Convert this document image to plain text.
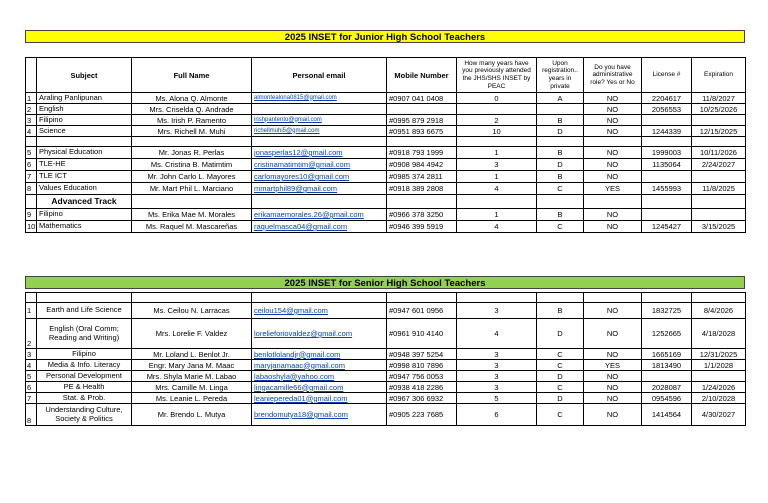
2025 INSET for Junior High School Teachers
	Subject	Full Name	Personal email	Mobile Number	How many years have you previously attended the JHS/SHS INSET by PEAC	Upon registration.. years in private	Do you have administrative role? Yes or No	License #	Expiration
1	Araling Panlipunan	Ms. Alona Q. Almonte	almontealona0815@gmail.com	#0907 041 0408	0	A	NO	2204617	11/8/2027
2	English	Mrs. Criselda Q. Andrade					NO	2056553	10/25/2026
3	Filipino	Ms. Irish P. Ramento	irishpantento@gmail.com	#0995 879 2918	2	B	NO		
4	Science	Mrs. Richell M. Muhi	richellmuhi5@gmail.com	#0951 893 6675	10	D	NO	1244339	12/15/2025

5	Physical Education	Mr. Jonas R. Perlas	jonasperlas12@gmail.com	#0918 793 1999	1	B	NO	1999003	10/11/2026
6	TLE-HE	Ms. Cristina B. Matimtim	cristinamatimtim@gmail.com	#0908 984 4942	3	D	NO	1135064	2/24/2027
7	TLE ICT	Mr. John Carlo L. Mayores	carlomayores10@gmail.com	#0985 374 2811	1	B	NO		
8	Values Education	Mr. Mart Phil L. Marciano	mmartphil89@gmail.com	#0918 389 2808	4	C	YES	1455993	11/8/2025
	Advanced Track								
9	Filipino	Ms. Erika Mae M. Morales	erikamaemorales.26@gmail.com	#0966 378 3250	1	B	NO		
10	Mathematics	Ms. Raquel M. Mascareñas	raquelmasca04@gmail.com	#0946 399 5919	4	C	NO	1245427	3/15/2025
2025 INSET for Senior High School Teachers

1	Earth and Life Science	Ms. Ceilou N. Larracas	ceilou154@gmail.com	#0947 601 0956	3	B	NO	1832725	8/4/2026
2	English (Oral Comm; Reading and Writing)	Mrs. Lorelie F. Valdez	lorelieforiovaldez@gmail.com	#0961 910 4140	4	D	NO	1252665	4/18/2028
3	Filipino	Mr. Loland L. Benlot Jr.	benlotlolandjr@gmail.com	#0948 397 5254	3	C	NO	1665169	12/31/2025
4	Media & Info. Literacy	Engr. Mary Jana M. Maac	maryjanamaac@gmail.com	#0998 810 7896	3	C	YES	1813490	1/1/2028
5	Personal Development	Mrs. Shyla Marie M. Labao	labaoshyla@yahoo.com	#0947 756 0053	3	D	NO		
6	PE & Health	Mrs. Camille M. Linga	lingacamille66@gmail.com	#0938 418 2286	3	C	NO	2028087	1/24/2026
7	Stat. & Prob.	Ms. Leanie L. Pereda	leaniepereda01@gmail.com	#0967 306 6932	5	D	NO	0954596	2/10/2028
8	Understanding Culture, Society & Politics	Mr. Brendo L. Mutya	brendomutya18@gmail.com	#0905 223 7685	6	C	NO	1414564	4/30/2027
